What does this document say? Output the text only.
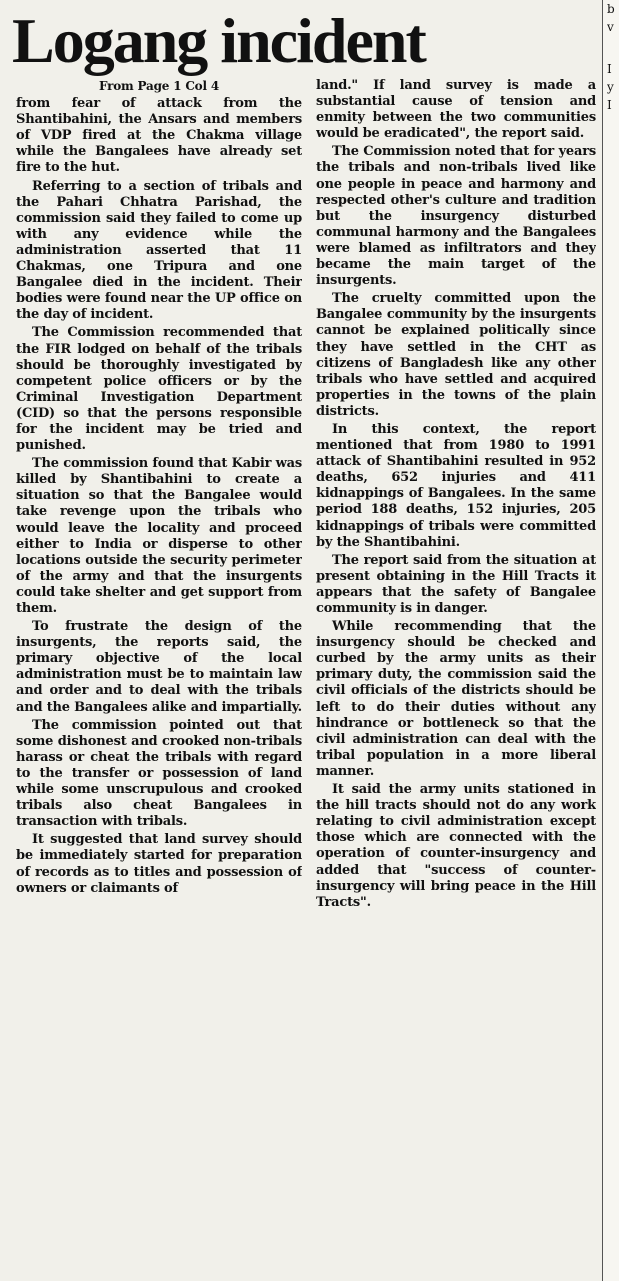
b
v
I
y
I
Logang incident
From Page 1 Col 4

from fear of attack from the Shantibahini, the Ansars and members of VDP fired at the Chakma village while the Bangalees have already set fire to the hut.

Referring to a section of tribals and the Pahari Chhatra Parishad, the commission said they failed to come up with any evidence while the administration asserted that 11 Chakmas, one Tripura and one Bangalee died in the incident. Their bodies were found near the UP office on the day of incident.

The Commission recommended that the FIR lodged on behalf of the tribals should be thoroughly investigated by competent police officers or by the Criminal Investigation Department (CID) so that the persons responsible for the incident may be tried and punished.

The commission found that Kabir was killed by Shantibahini to create a situation so that the Bangalee would take revenge upon the tribals who would leave the locality and proceed either to India or disperse to other locations outside the security perimeter of the army and that the insurgents could take shelter and get support from them.

To frustrate the design of the insurgents, the reports said, the primary objective of the local administration must be to maintain law and order and to deal with the tribals and the Bangalees alike and impartially.

The commission pointed out that some dishonest and crooked non-tribals harass or cheat the tribals with regard to the transfer or possession of land while some unscrupulous and crooked tribals also cheat Bangalees in transaction with tribals.

It suggested that land survey should be immediately started for preparation of records as to titles and possession of owners or claimants of

land." If land survey is made a substantial cause of tension and enmity between the two communities would be eradicated", the report said.

The Commission noted that for years the tribals and non-tribals lived like one people in peace and harmony and respected other's culture and tradition but the insurgency disturbed communal harmony and the Bangalees were blamed as infiltrators and they became the main target of the insurgents.

The cruelty committed upon the Bangalee community by the insurgents cannot be explained politically since they have settled in the CHT as citizens of Bangladesh like any other tribals who have settled and acquired properties in the towns of the plain districts.

In this context, the report mentioned that from 1980 to 1991 attack of Shantibahini resulted in 952 deaths, 652 injuries and 411 kidnappings of Bangalees. In the same period 188 deaths, 152 injuries, 205 kidnappings of tribals were committed by the Shantibahini.

The report said from the situation at present obtaining in the Hill Tracts it appears that the safety of Bangalee community is in danger.

While recommending that the insurgency should be checked and curbed by the army units as their primary duty, the commission said the civil officials of the districts should be left to do their duties without any hindrance or bottleneck so that the civil administration can deal with the tribal population in a more liberal manner.

It said the army units stationed in the hill tracts should not do any work relating to civil administration except those which are connected with the operation of counter-insurgency and added that "success of counter-insurgency will bring peace in the Hill Tracts".
